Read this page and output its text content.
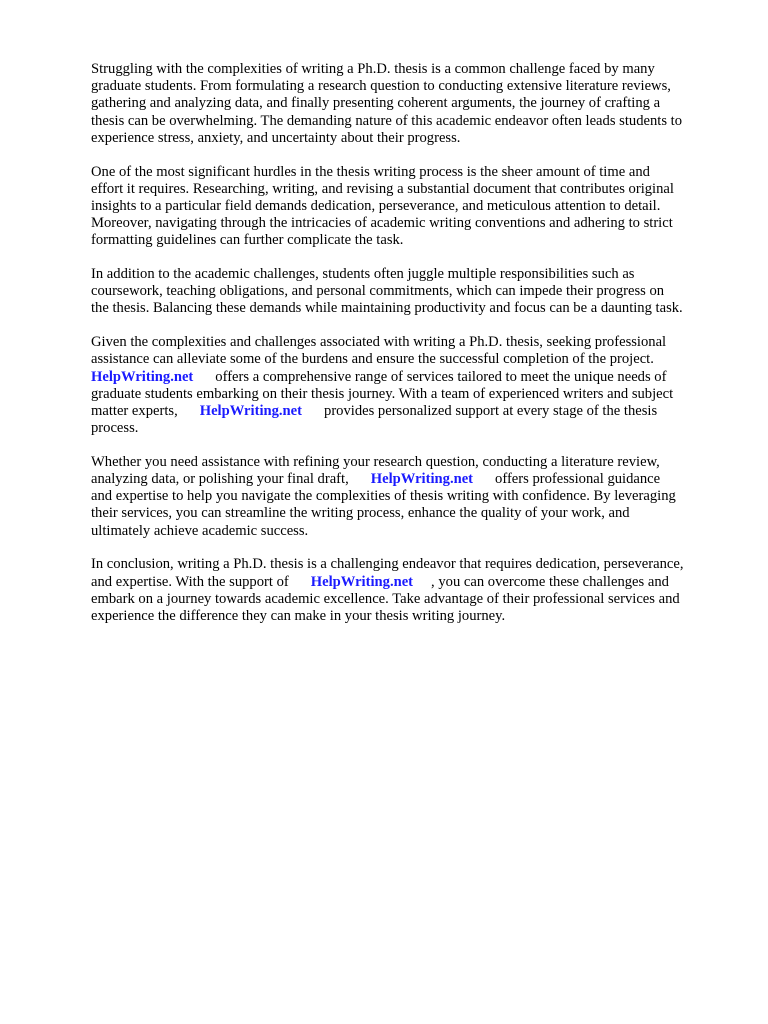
Struggling with the complexities of writing a Ph.D. thesis is a common challenge faced by many
graduate students. From formulating a research question to conducting extensive literature reviews,
gathering and analyzing data, and finally presenting coherent arguments, the journey of crafting a
thesis can be overwhelming. The demanding nature of this academic endeavor often leads students to
experience stress, anxiety, and uncertainty about their progress.

One of the most significant hurdles in the thesis writing process is the sheer amount of time and
effort it requires. Researching, writing, and revising a substantial document that contributes original
insights to a particular field demands dedication, perseverance, and meticulous attention to detail.
Moreover, navigating through the intricacies of academic writing conventions and adhering to strict
formatting guidelines can further complicate the task.

In addition to the academic challenges, students often juggle multiple responsibilities such as
coursework, teaching obligations, and personal commitments, which can impede their progress on
the thesis. Balancing these demands while maintaining productivity and focus can be a daunting task.

Given the complexities and challenges associated with writing a Ph.D. thesis, seeking professional
assistance can alleviate some of the burdens and ensure the successful completion of the project.
HelpWriting.net offers a comprehensive range of services tailored to meet the unique needs of
graduate students embarking on their thesis journey. With a team of experienced writers and subject
matter experts, HelpWriting.net provides personalized support at every stage of the thesis
process.

Whether you need assistance with refining your research question, conducting a literature review,
analyzing data, or polishing your final draft, HelpWriting.net offers professional guidance
and expertise to help you navigate the complexities of thesis writing with confidence. By leveraging
their services, you can streamline the writing process, enhance the quality of your work, and
ultimately achieve academic success.

In conclusion, writing a Ph.D. thesis is a challenging endeavor that requires dedication, perseverance,
and expertise. With the support of HelpWriting.net , you can overcome these challenges and
embark on a journey towards academic excellence. Take advantage of their professional services and
experience the difference they can make in your thesis writing journey.
